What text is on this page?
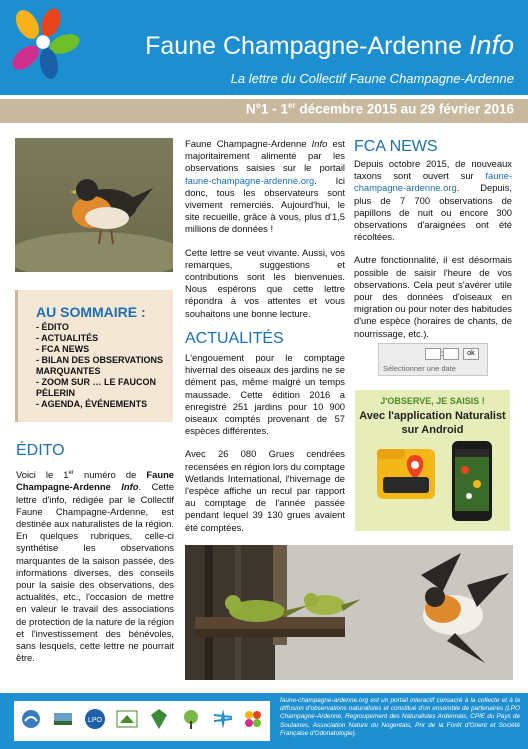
Faune Champagne-Ardenne Info
La lettre du Collectif Faune Champagne-Ardenne
N°1 - 1er décembre 2015 au 29 février 2016
AU SOMMAIRE :
- ÉDITO
- ACTUALITÉS
- FCA NEWS
- BILAN DES OBSERVATIONS MARQUANTES
- ZOOM SUR … LE FAUCON PÈLERIN
- AGENDA, ÉVÉNEMENTS
ÉDITO
Voici le 1er numéro de Faune Champagne-Ardenne Info. Cette lettre d'info, rédigée par le Collectif Faune Champagne-Ardenne, est destinée aux naturalistes de la région. En quelques rubriques, celle-ci synthétise les observations marquantes de la saison passée, des informations diverses, des conseils pour la saisie des observations, des actualités, etc., l'occasion de mettre en valeur le travail des associations de protection de la nature de la région et l'investissement des bénévoles, sans lesquels, cette lettre ne pourrait être.

Faune Champagne-Ardenne Info est majoritairement alimenté par les observations saisies sur le portail faune-champagne-ardenne.org. Ici donc, tous les observateurs sont vivement remerciés. Aujourd'hui, le site recueille, grâce à vous, plus d'1,5 millions de données !

Cette lettre se veut vivante. Aussi, vos remarques, suggestions et contributions sont les bienvenues. Nous espérons que cette lettre répondra à vos attentes et vous souhaitons une bonne lecture.

ACTUALITÉS

L'engouement pour le comptage hivernal des oiseaux des jardins ne se dément pas, même malgré un temps maussade. Cette édition 2016 a enregistré 251 jardins pour 10 900 oiseaux comptés provenant de 57 espèces différentes.

Avec 26 080 Grues cendrées recensées en région lors du comptage Wetlands International, l'hivernage de l'espèce affiche un recul par rapport au comptage de l'année passée pendant lequel 39 130 grues avaient été comptées.

FCA NEWS

Depuis octobre 2015, de nouveaux taxons sont ouvert sur faune-champagne-ardenne.org. Depuis, plus de 7 700 observations de papillons de nuit ou encore 300 observations d'araignées ont été récoltées.

Autre fonctionnalité, il est désormais possible de saisir l'heure de vos observations. Cela peut s'avérer utile pour des données d'oiseaux en migration ou pour noter des habitudes d'une espèce (horaires de chants, de nourrissage, etc.).

:	ok
Sélectionner une date
J'OBSERVE, JE SAISIS !
Avec l'application Naturalist sur Android
LPO
faune-champagne-ardenne.org est un portail interactif consacré à la collecte et à la diffusion d'observations naturalistes et constitué d'un ensemble de partenaires (LPO Champagne-Ardenne, Regroupement des Naturalistes Ardennais, CPIE du Pays de Soulaines, Association Nature du Nogentais, Pnr de la Forêt d'Orient et Société Française d'Odonatologie).
